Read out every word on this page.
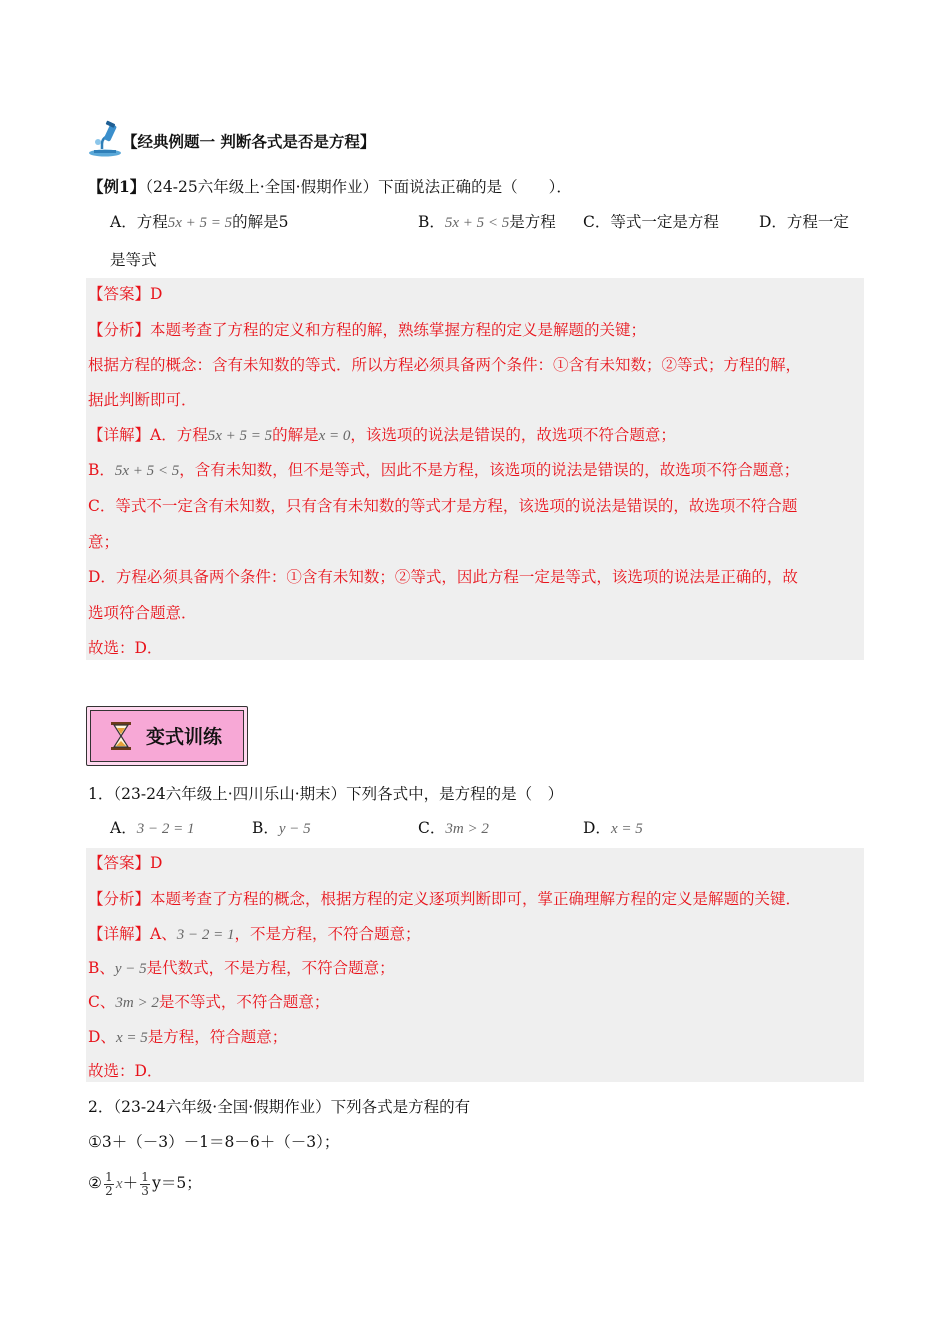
【经典例题一 判断各式是否是方程】
【例1】（24-25六年级上·全国·假期作业）下面说法正确的是（　　）．
A．方程5x + 5 = 5的解是5	B．5x + 5 < 5是方程 C．等式一定是方程	D．方程一定
是等式
【答案】D
【分析】本题考查了方程的定义和方程的解，熟练掌握方程的定义是解题的关键；
根据方程的概念：含有未知数的等式．所以方程必须具备两个条件：①含有未知数；②等式；方程的解，
据此判断即可．
【详解】A．方程5x + 5 = 5的解是x = 0，该选项的说法是错误的，故选项不符合题意；
B．5x + 5 < 5，含有未知数，但不是等式，因此不是方程，该选项的说法是错误的，故选项不符合题意；
C．等式不一定含有未知数，只有含有未知数的等式才是方程，该选项的说法是错误的，故选项不符合题
意；
D．方程必须具备两个条件：①含有未知数；②等式，因此方程一定是等式，该选项的说法是正确的，故
选项符合题意．
故选：D．
变式训练
1．（23-24六年级上·四川乐山·期末）下列各式中，是方程的是（　）
A．3 − 2 = 1	B．y − 5	C．3m > 2	D．x = 5
【答案】D
【分析】本题考查了方程的概念，根据方程的定义逐项判断即可，掌正确理解方程的定义是解题的关键．
【详解】A、3 − 2 = 1，不是方程，不符合题意；
B、y − 5是代数式，不是方程，不符合题意；
C、3m > 2是不等式，不符合题意；
D、x = 5是方程，符合题意；
故选：D．
2．（23-24六年级·全国·假期作业）下列各式是方程的有
①3＋（－3）－1＝8－6＋（－3）；
② $\frac{1}{2} x+ \frac{1}{3} y=5$；
